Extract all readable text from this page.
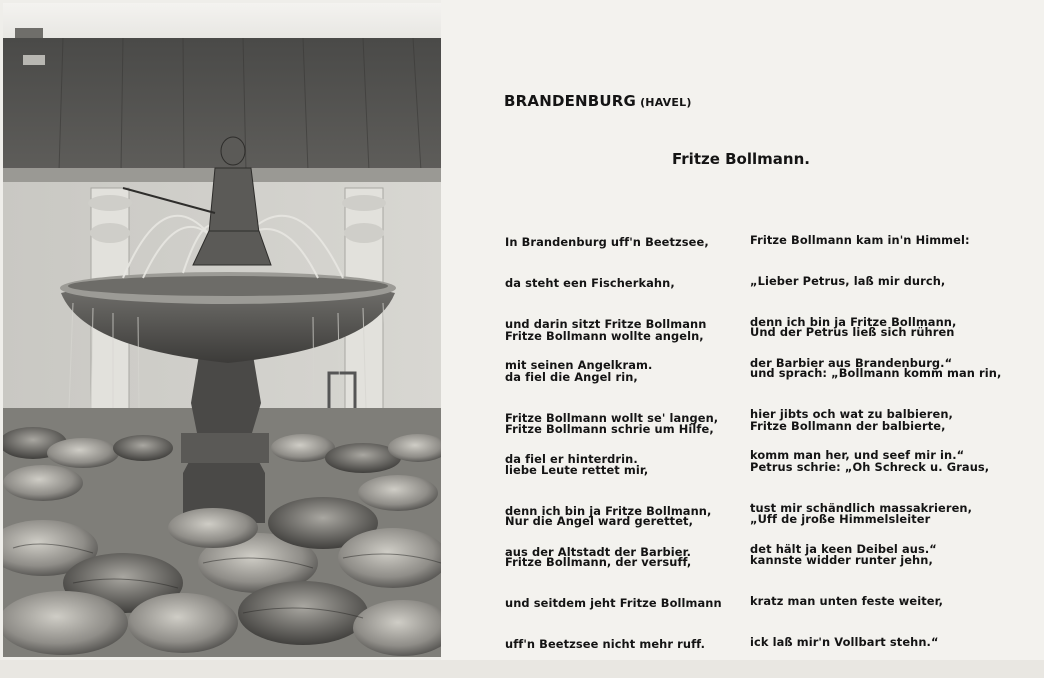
BRANDENBURG (HAVEL)
Fritze Bollmann.

In Brandenburg uff'n Beetzsee,

da steht een Fischerkahn,

und darin sitzt Fritze Bollmann

mit seinen Angelkram.

Fritze Bollmann wollte angeln,

da fiel die Angel rin,

Fritze Bollmann wollt se' langen,

da fiel er hinterdrin.

Fritze Bollmann schrie um Hilfe,

liebe Leute rettet mir,

denn ich bin ja Fritze Bollmann,

aus der Altstadt der Barbier.

Nur die Angel ward gerettet,

Fritze Bollmann, der versuff,

und seitdem jeht Fritze Bollmann

uff'n Beetzsee nicht mehr ruff.

Fritze Bollmann kam in'n Himmel:

„Lieber Petrus, laß mir durch,

denn ich bin ja Fritze Bollmann,

der Barbier aus Brandenburg.“

Und der Petrus ließ sich rühren

und sprach: „Bollmann komm man rin,

hier jibts och wat zu balbieren,

komm man her, und seef mir in.“

Fritze Bollmann der balbierte,

Petrus schrie: „Oh Schreck u. Graus,

tust mir schändlich massakrieren,

det hält ja keen Deibel aus.“

„Uff de jroße Himmelsleiter

kannste widder runter jehn,

kratz man unten feste weiter,

ick laß mir'n Vollbart stehn.“
